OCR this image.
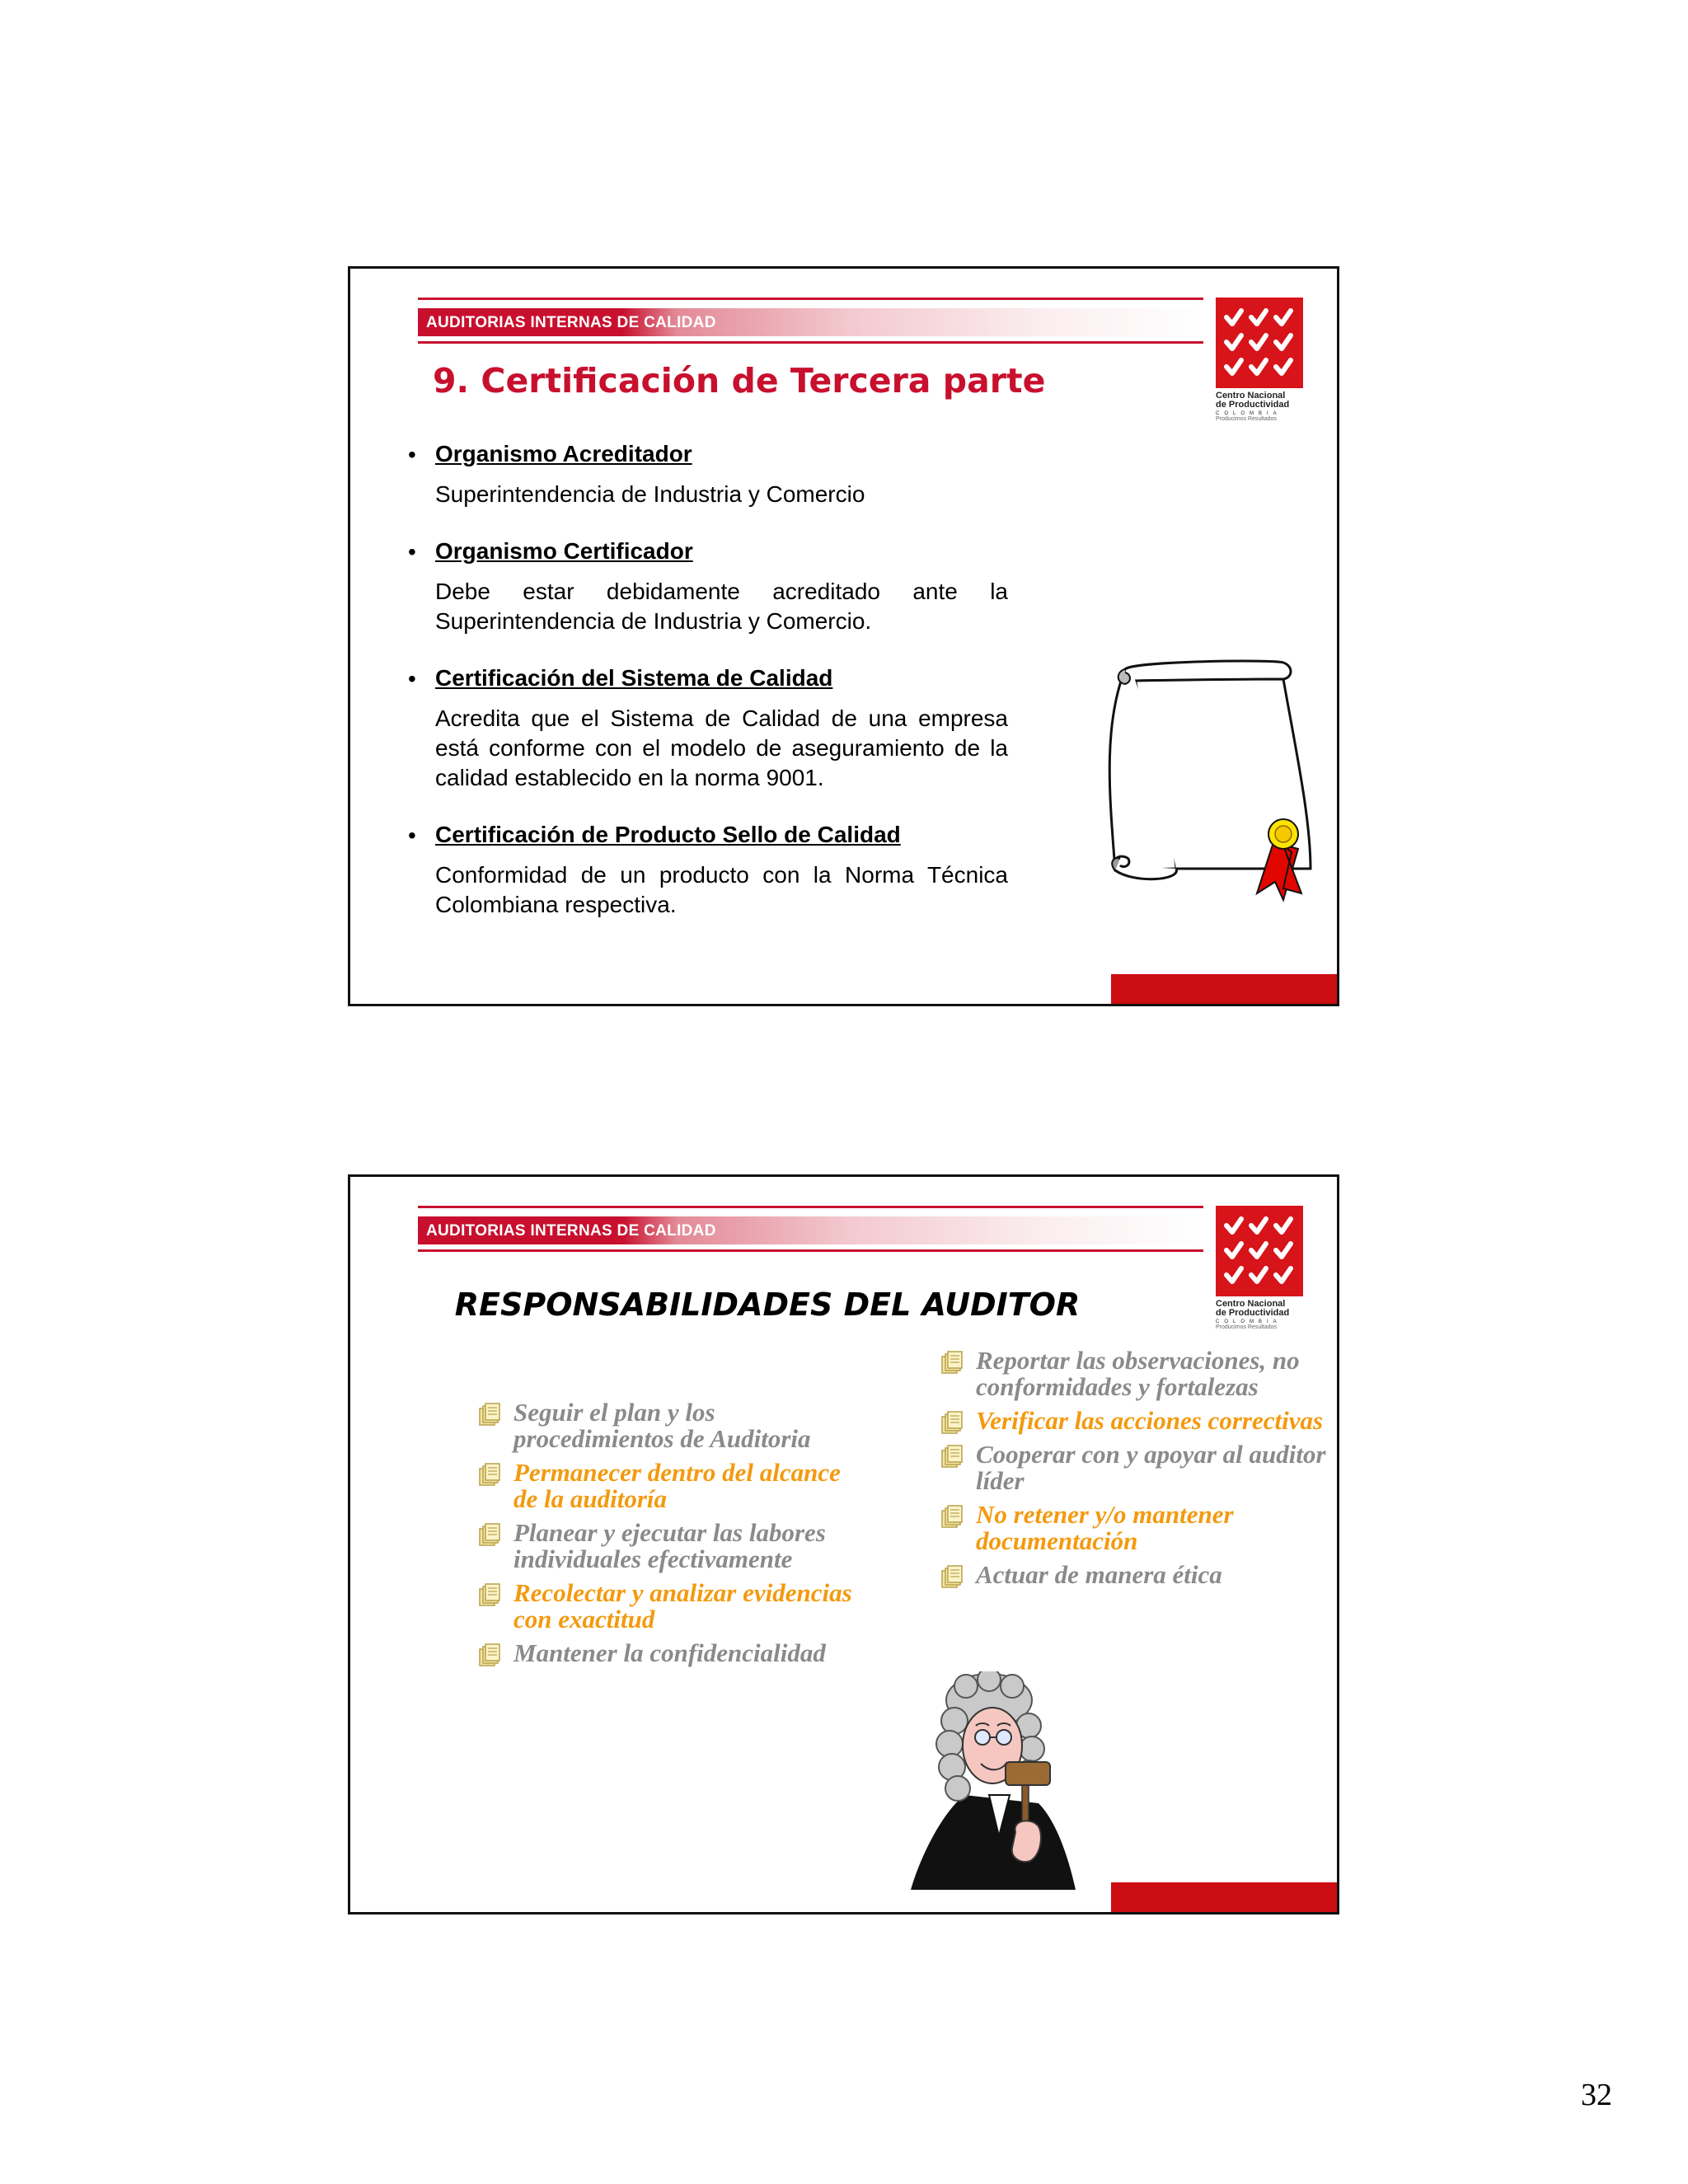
AUDITORIAS INTERNAS DE CALIDAD
Centro Nacional
de Productividad
COLOMBIA
Producimos Resultados
9. Certificación de Tercera parte
• Organismo Acreditador
Superintendencia de Industria y Comercio
• Organismo Certificador
Debe estar debidamente acreditado ante la Superintendencia de Industria y Comercio.
• Certificación del Sistema de Calidad
Acredita que el Sistema de Calidad de una empresa está conforme con el modelo de aseguramiento de la calidad establecido en la norma 9001.
• Certificación de Producto Sello de Calidad
Conformidad de un producto con la Norma Técnica Colombiana respectiva.
AUDITORIAS INTERNAS DE CALIDAD
Centro Nacional
de Productividad
COLOMBIA
Producimos Resultados
RESPONSABILIDADES DEL AUDITOR
Seguir el plan y los procedimientos de Auditoria
Permanecer dentro del alcance de la auditoría
Planear y ejecutar las labores individuales efectivamente
Recolectar y analizar evidencias con exactitud
Mantener la confidencialidad
Reportar las observaciones, no conformidades y fortalezas
Verificar las acciones correctivas
Cooperar con y apoyar al auditor líder
No retener y/o mantener documentación
Actuar de manera ética
32
